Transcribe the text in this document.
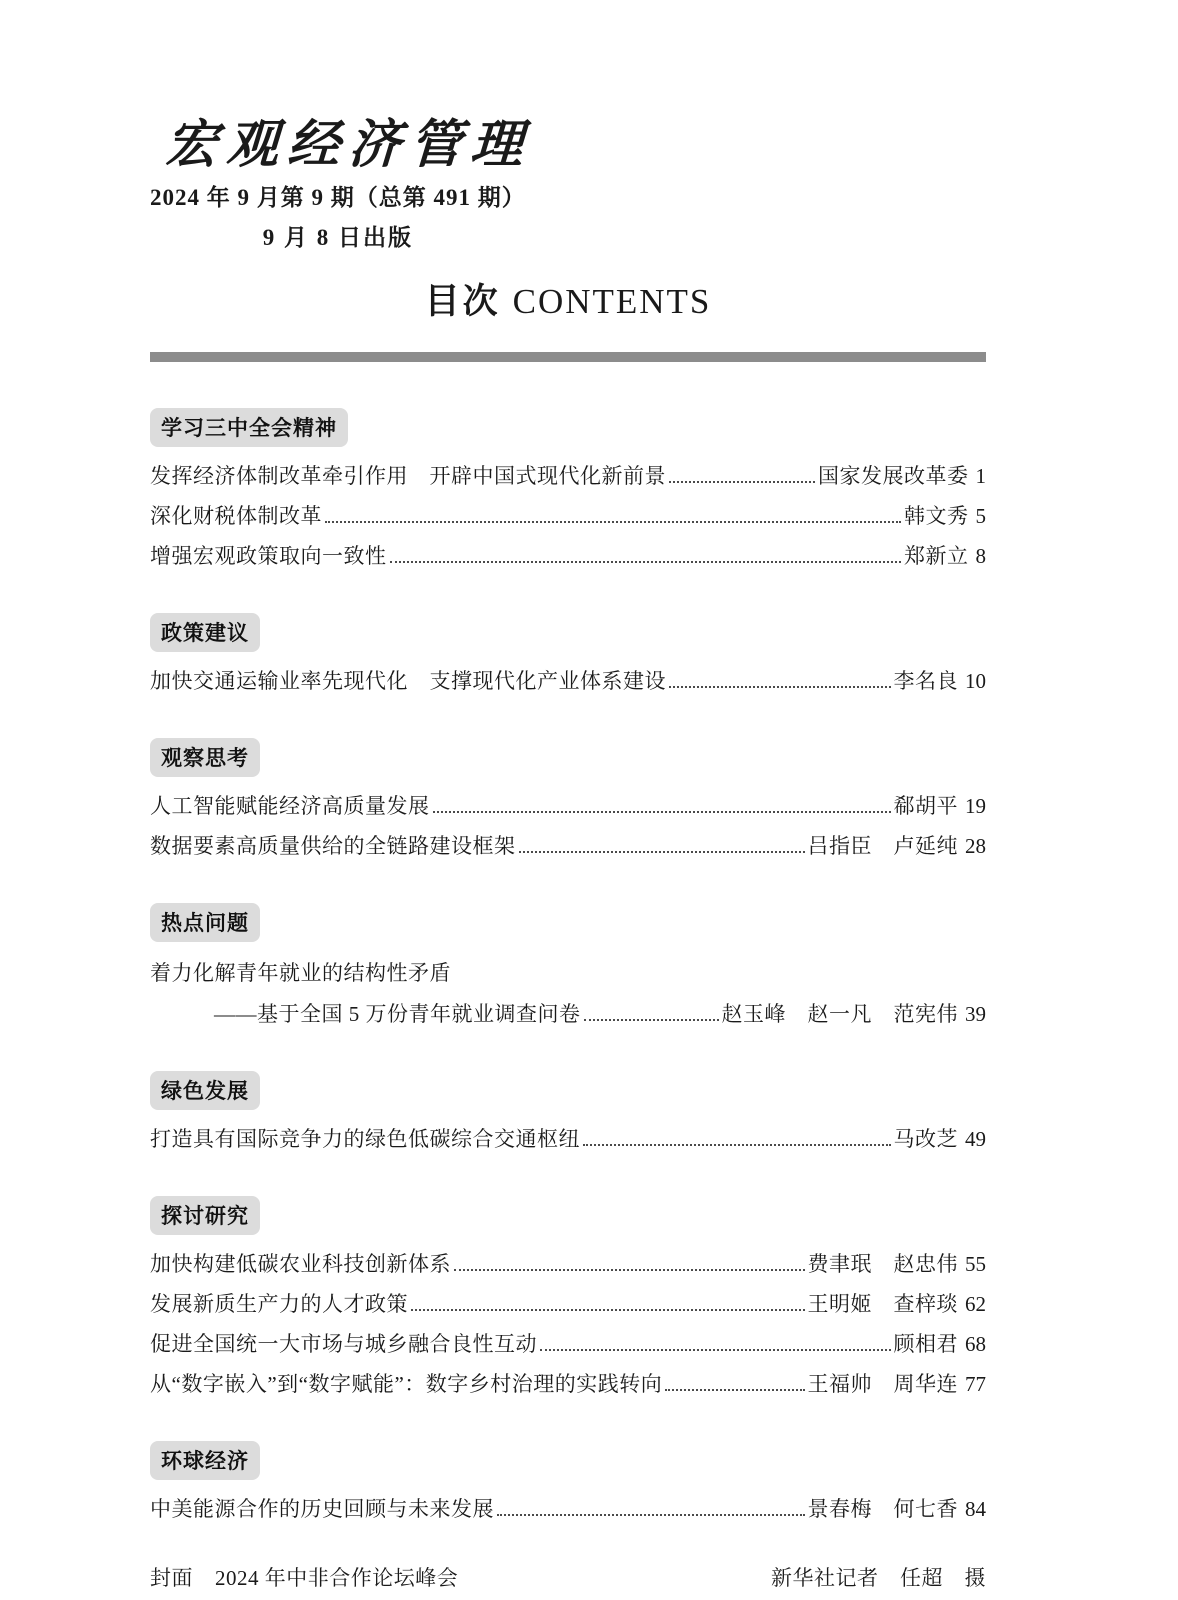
宏观经济管理
2024 年 9 月第 9 期（总第 491 期）
9 月 8 日出版
目次 CONTENTS
学习三中全会精神
发挥经济体制改革牵引作用　开辟中国式现代化新前景	国家发展改革委 1
深化财税体制改革	韩文秀 5
增强宏观政策取向一致性	郑新立 8
政策建议
加快交通运输业率先现代化　支撑现代化产业体系建设	李名良 10
观察思考
人工智能赋能经济高质量发展	郗胡平 19
数据要素高质量供给的全链路建设框架	吕指臣　卢延纯 28
热点问题
着力化解青年就业的结构性矛盾
——基于全国 5 万份青年就业调查问卷	赵玉峰　赵一凡　范宪伟 39
绿色发展
打造具有国际竞争力的绿色低碳综合交通枢纽	马改芝 49
探讨研究
加快构建低碳农业科技创新体系	费聿珉　赵忠伟 55
发展新质生产力的人才政策	王明姬　查梓琰 62
促进全国统一大市场与城乡融合良性互动	顾相君 68
从“数字嵌入”到“数字赋能”：数字乡村治理的实践转向	王福帅　周华连 77
环球经济
中美能源合作的历史回顾与未来发展	景春梅　何七香 84
封面 2024 年中非合作论坛峰会	新华社记者　任超　摄
